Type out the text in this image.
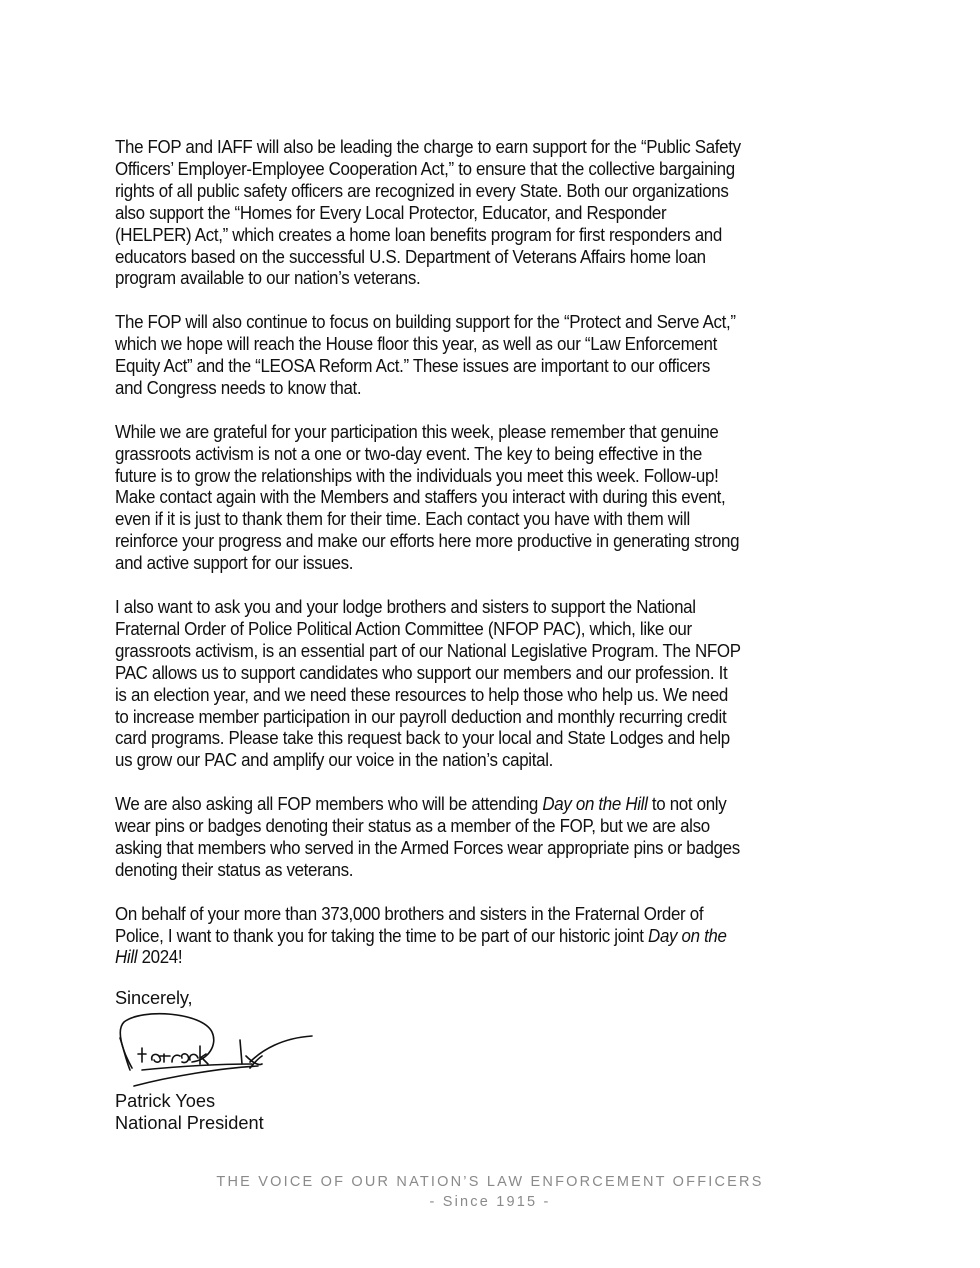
The FOP and IAFF will also be leading the charge to earn support for the “Public Safety
Officers’ Employer-Employee Cooperation Act,” to ensure that the collective bargaining
rights of all public safety officers are recognized in every State. Both our organizations
also support the “Homes for Every Local Protector, Educator, and Responder
(HELPER) Act,” which creates a home loan benefits program for first responders and
educators based on the successful U.S. Department of Veterans Affairs home loan
program available to our nation’s veterans.

The FOP will also continue to focus on building support for the “Protect and Serve Act,”
which we hope will reach the House floor this year, as well as our “Law Enforcement
Equity Act” and the “LEOSA Reform Act.” These issues are important to our officers
and Congress needs to know that.

While we are grateful for your participation this week, please remember that genuine
grassroots activism is not a one or two-day event. The key to being effective in the
future is to grow the relationships with the individuals you meet this week. Follow-up!
Make contact again with the Members and staffers you interact with during this event,
even if it is just to thank them for their time. Each contact you have with them will
reinforce your progress and make our efforts here more productive in generating strong
and active support for our issues.

I also want to ask you and your lodge brothers and sisters to support the National
Fraternal Order of Police Political Action Committee (NFOP PAC), which, like our
grassroots activism, is an essential part of our National Legislative Program. The NFOP
PAC allows us to support candidates who support our members and our profession. It
is an election year, and we need these resources to help those who help us. We need
to increase member participation in our payroll deduction and monthly recurring credit
card programs. Please take this request back to your local and State Lodges and help
us grow our PAC and amplify our voice in the nation’s capital.

We are also asking all FOP members who will be attending Day on the Hill to not only
wear pins or badges denoting their status as a member of the FOP, but we are also
asking that members who served in the Armed Forces wear appropriate pins or badges
denoting their status as veterans.

On behalf of your more than 373,000 brothers and sisters in the Fraternal Order of
Police, I want to thank you for taking the time to be part of our historic joint Day on the
Hill 2024!

Sincerely,
Patrick Yoes
National President
THE VOICE OF OUR NATION’S LAW ENFORCEMENT OFFICERS
- Since 1915 -
